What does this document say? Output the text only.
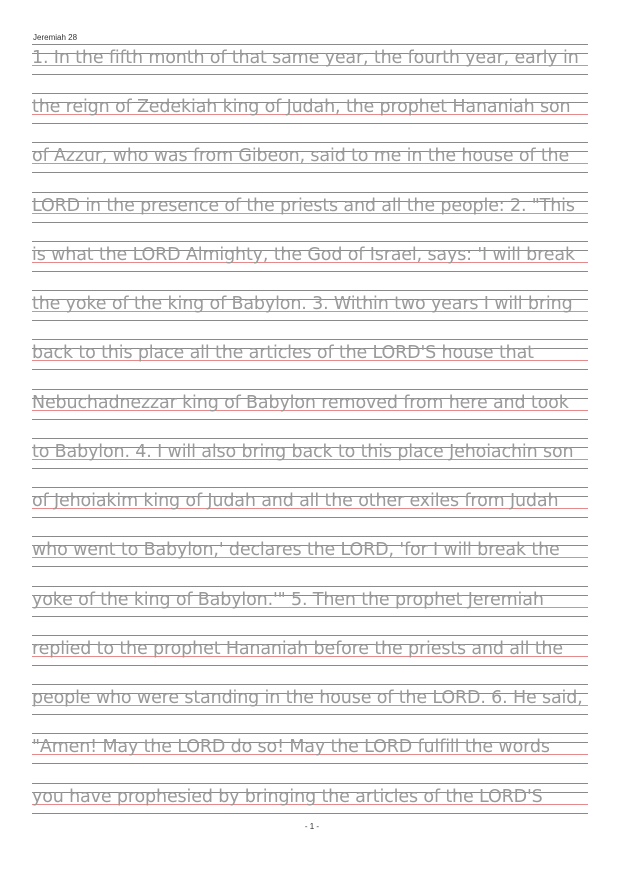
Jeremiah 28
1. In the fifth month of that same year, the fourth year, early in
the reign of Zedekiah king of Judah, the prophet Hananiah son
of Azzur, who was from Gibeon, said to me in the house of the
LORD in the presence of the priests and all the people: 2. "This
is what the LORD Almighty, the God of Israel, says: 'I will break
the yoke of the king of Babylon. 3. Within two years I will bring
back to this place all the articles of the LORD'S house that
Nebuchadnezzar king of Babylon removed from here and took
to Babylon. 4. I will also bring back to this place Jehoiachin son
of Jehoiakim king of Judah and all the other exiles from Judah
who went to Babylon,' declares the LORD, 'for I will break the
yoke of the king of Babylon.'" 5. Then the prophet Jeremiah
replied to the prophet Hananiah before the priests and all the
people who were standing in the house of the LORD. 6. He said,
"Amen! May the LORD do so! May the LORD fulfill the words
you have prophesied by bringing the articles of the LORD'S
- 1 -
